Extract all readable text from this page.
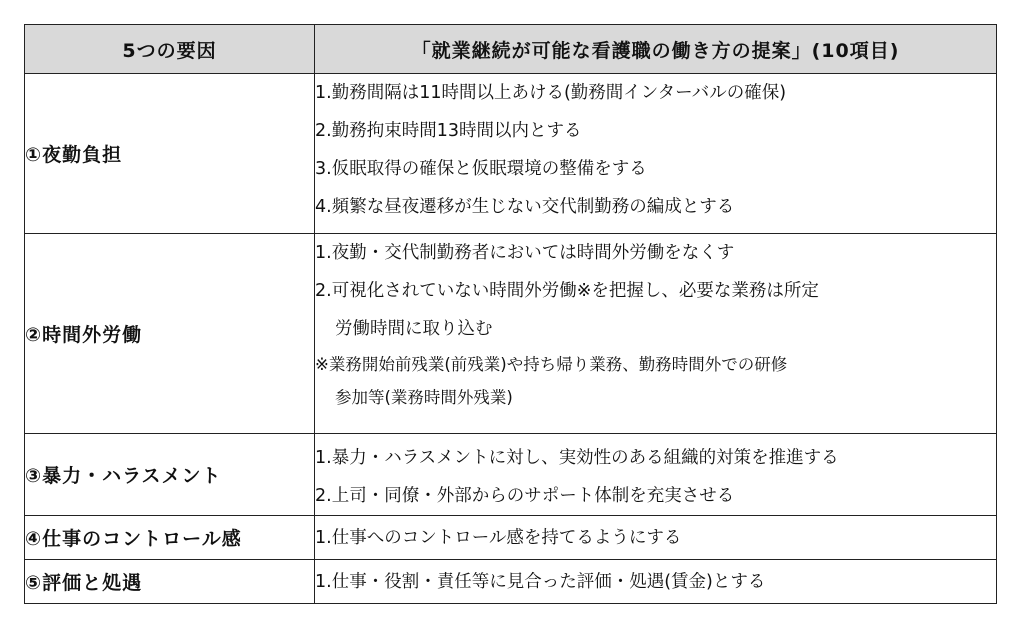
5つの要因	「就業継続が可能な看護職の働き方の提案」(10項目)
①夜勤負担	1.勤務間隔は11時間以上あける(勤務間インターバルの確保)
2.勤務拘束時間13時間以内とする
3.仮眠取得の確保と仮眠環境の整備をする
4.頻繁な昼夜遷移が生じない交代制勤務の編成とする

②時間外労働	1.夜勤・交代制勤務者においては時間外労働をなくす
2.可視化されていない時間外労働※を把握し、必要な業務は所定
労働時間に取り込む
※業務開始前残業(前残業)や持ち帰り業務、勤務時間外での研修
参加等(業務時間外残業)

③暴力・ハラスメント	1.暴力・ハラスメントに対し、実効性のある組織的対策を推進する
2.上司・同僚・外部からのサポート体制を充実させる

④仕事のコントロール感	1.仕事へのコントロール感を持てるようにする

⑤評価と処遇	1.仕事・役割・責任等に見合った評価・処遇(賃金)とする
